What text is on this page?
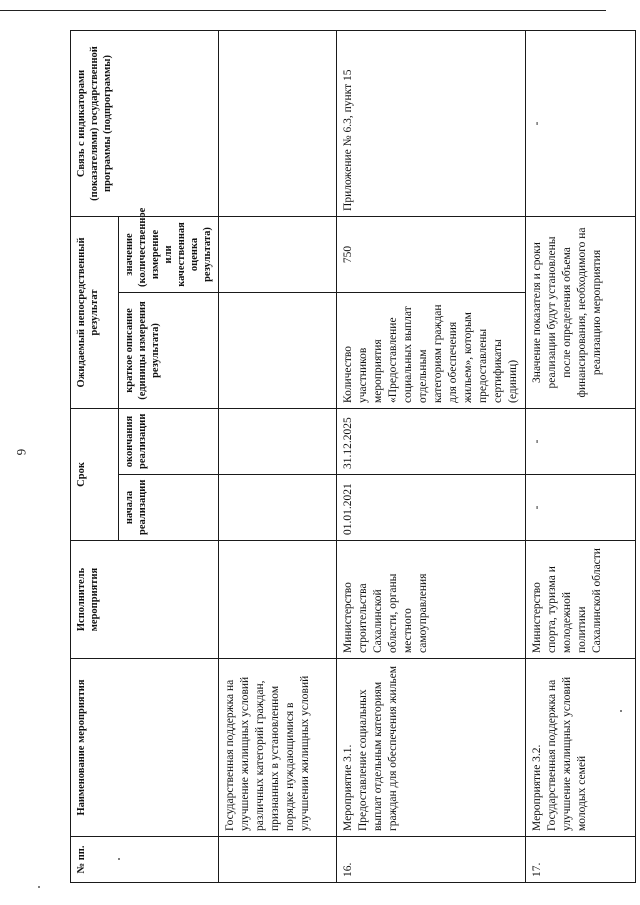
6
№ пп.	Наименование мероприятия	Исполнитель мероприятия	Срок		Ожидаемый непосредственный результат		Связь с индикаторами (показателями) государственной программы (подпрограммы)
			начала реализации	окончания реализации	краткое описание (единицы измерения результата)	значение (количественное измерение или качественная оценка результата)	
	Государственная поддержка на улучшение жилищных условий различных категорий граждан, признанных в установленном порядке нуждающимися в улучшении жилищных условий						
16.	Мероприятие 3.1. Предоставление социальных выплат отдельным категориям граждан для обеспечения жильем	Министерство строительства Сахалинской области, органы местного самоуправления	01.01.2021	31.12.2025	Количество участников мероприятия «Предоставление социальных выплат отдельным категориям граждан для обеспечения жильем», которым предоставлены сертификаты (единиц)	750	Приложение № 6.3, пункт 15
17.	Мероприятие 3.2. Государственная поддержка на улучшение жилищных условий молодых семей	Министерство спорта, туризма и молодежной политики Сахалинской области	-	-	Значение показателя и сроки реализации будут установлены после определения объема финансирования, необходимого на реализацию мероприятия		-
